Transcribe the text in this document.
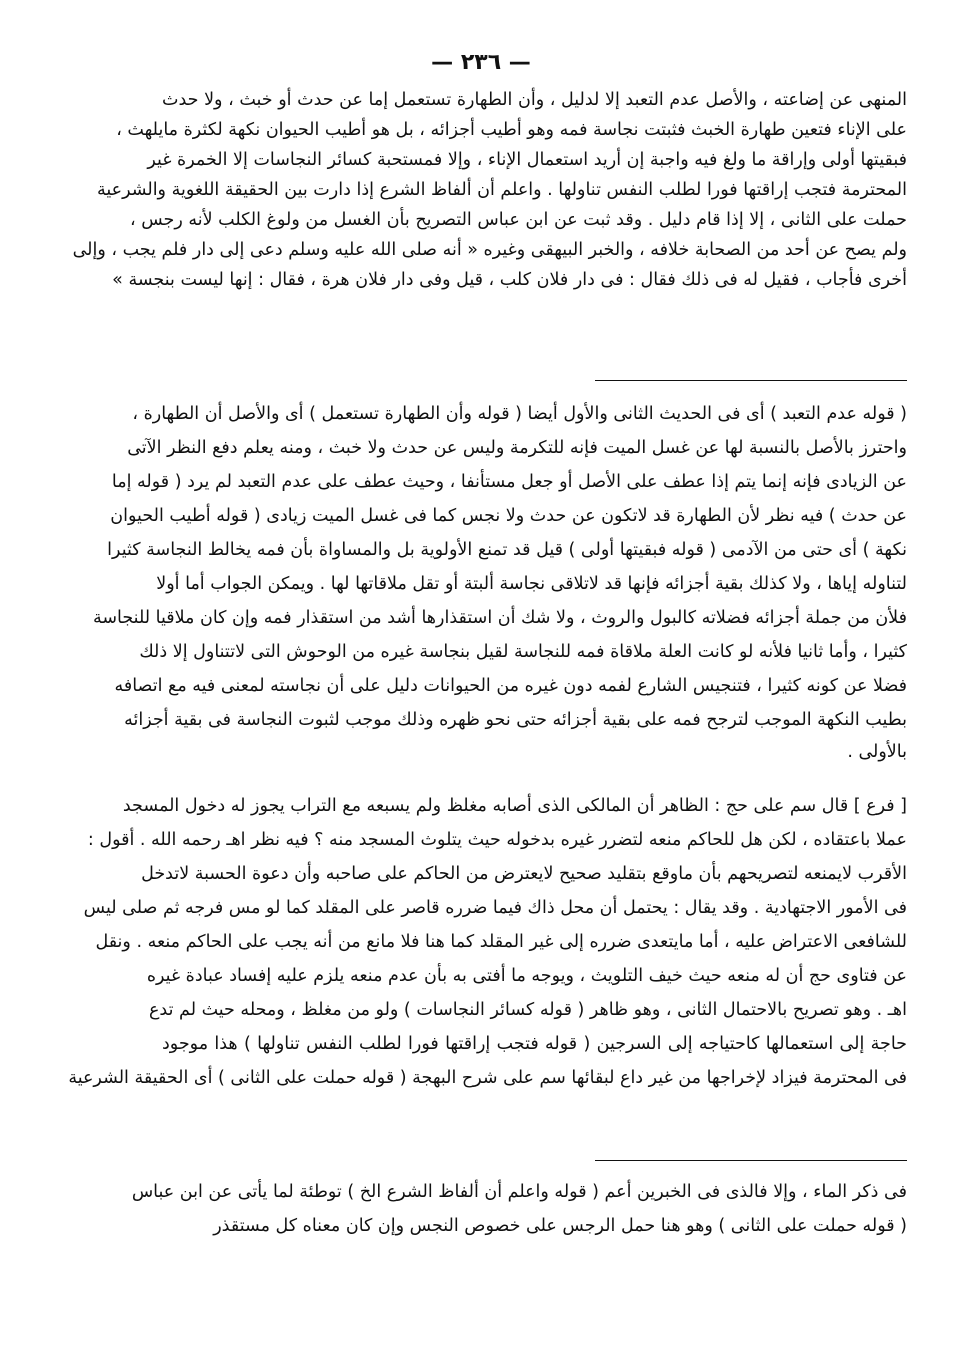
— ٢٣٦ —
المنهى عن إضاعته ، والأصل عدم التعبد إلا لدليل ، وأن الطهارة تستعمل إما عن حدث أو خبث ، ولا حدث
على الإناء فتعين طهارة الخبث فثبتت نجاسة فمه وهو أطيب أجزائه ، بل هو أطيب الحيوان نكهة لكثرة مايلهث ،
فبقيتها أولى وإراقة ما ولغ فيه واجبة إن أريد استعمال الإناء ، وإلا فمستحبة كسائر النجاسات إلا الخمرة غير
المحترمة فتجب إراقتها فورا لطلب النفس تناولها . واعلم أن ألفاظ الشرع إذا دارت بين الحقيقة اللغوية والشرعية
حملت على الثانى ، إلا إذا قام دليل . وقد ثبت عن ابن عباس التصريح بأن الغسل من ولوغ الكلب لأنه رجس ،
ولم يصح عن أحد من الصحابة خلافه ، والخبر البيهقى وغيره « أنه صلى الله عليه وسلم دعى إلى دار فلم يجب ، وإلى
أخرى فأجاب ، فقيل له فى ذلك فقال : فى دار فلان كلب ، قيل وفى دار فلان هرة ، فقال : إنها ليست بنجسة »
( قوله عدم التعبد ) أى فى الحديث الثانى والأول أيضا ( قوله وأن الطهارة تستعمل ) أى والأصل أن الطهارة ،
واحترز بالأصل بالنسبة لها عن غسل الميت فإنه للتكرمة وليس عن حدث ولا خبث ، ومنه يعلم دفع النظر الآتى
عن الزيادى فإنه إنما يتم إذا عطف على الأصل أو جعل مستأنفا ، وحيث عطف على عدم التعبد لم يرد ( قوله إما
عن حدث ) فيه نظر لأن الطهارة قد لاتكون عن حدث ولا نجس كما فى غسل الميت زيادى ( قوله أطيب الحيوان
نكهة ) أى حتى من الآدمى ( قوله فبقيتها أولى ) قيل قد تمنع الأولوية بل والمساواة بأن فمه يخالط النجاسة كثيرا
لتناوله إياها ، ولا كذلك بقية أجزائه فإنها قد لاتلاقى نجاسة ألبتة أو تقل ملاقاتها لها . ويمكن الجواب أما أولا
فلأن من جملة أجزائه فضلاته كالبول والروث ، ولا شك أن استقذارها أشد من استقذار فمه وإن كان ملاقيا للنجاسة
كثيرا ، وأما ثانيا فلأنه لو كانت العلة ملاقاة فمه للنجاسة لقيل بنجاسة غيره من الوحوش التى لاتتناول إلا ذلك
فضلا عن كونه كثيرا ، فتنجيس الشارع لفمه دون غيره من الحيوانات دليل على أن نجاسته لمعنى فيه مع اتصافه
بطيب النكهة الموجب لترجح فمه على بقية أجزائه حتى نحو ظهره وذلك موجب لثبوت النجاسة فى بقية أجزائه
بالأولى .
[ فرع ] قال سم على حج : الظاهر أن المالكى الذى أصابه مغلظ ولم يسبعه مع التراب يجوز له دخول المسجد
عملا باعتقاده ، لكن هل للحاكم منعه لتضرر غيره بدخوله حيث يتلوث المسجد منه ؟ فيه نظر اهـ رحمه الله . أقول :
الأقرب لايمنعه لتصريحهم بأن ماوقع بتقليد صحيح لايعترض من الحاكم على صاحبه وأن دعوة الحسبة لاتدخل
فى الأمور الاجتهادية . وقد يقال : يحتمل أن محل ذاك فيما ضرره قاصر على المقلد كما لو مس فرجه ثم صلى ليس
للشافعى الاعتراض عليه ، أما مايتعدى ضرره إلى غير المقلد كما هنا فلا مانع من أنه يجب على الحاكم منعه . ونقل
عن فتاوى حج أن له منعه حيث خيف التلويث ، ويوجه ما أفتى به بأن عدم منعه يلزم عليه إفساد عبادة غيره
اهـ . وهو تصريح بالاحتمال الثانى ، وهو ظاهر ( قوله كسائر النجاسات ) ولو من مغلظ ، ومحله حيث لم تدع
حاجة إلى استعمالها كاحتياجه إلى السرجين ( قوله فتجب إراقتها فورا لطلب النفس تناولها ) هذا موجود
فى المحترمة فيزاد لإخراجها من غير داع لبقائها سم على شرح البهجة ( قوله حملت على الثانى ) أى الحقيقة الشرعية
فى ذكر الماء ، وإلا فالذى فى الخبرين أعم ( قوله واعلم أن ألفاظ الشرع الخ ) توطئة لما يأتى عن ابن عباس
( قوله حملت على الثانى ) وهو هنا حمل الرجس على خصوص النجس وإن كان معناه كل مستقذر
